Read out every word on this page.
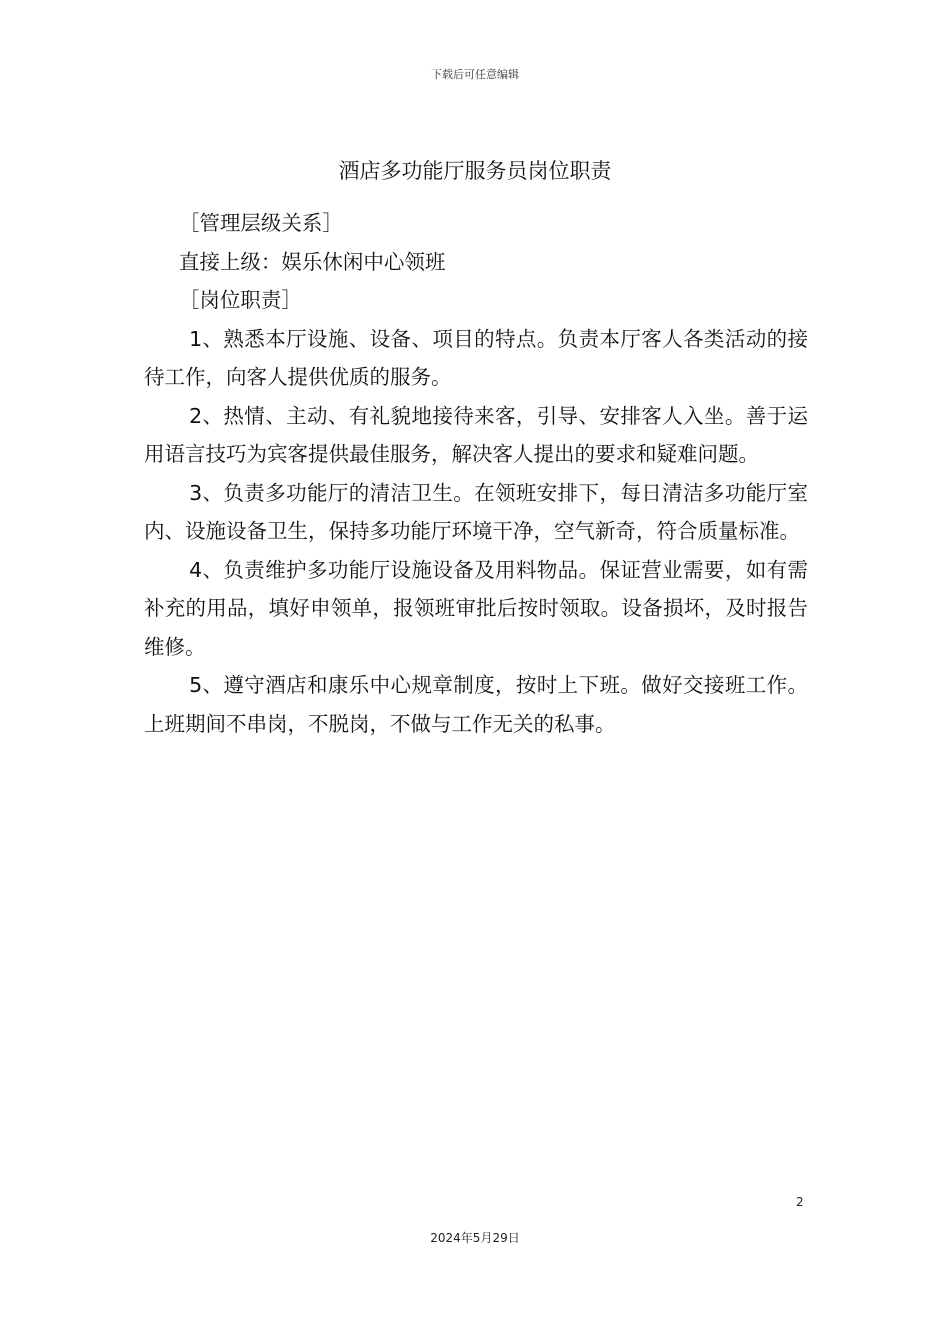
下载后可任意编辑
酒店多功能厅服务员岗位职责

［管理层级关系］

直接上级：娱乐休闲中心领班

［岗位职责］

1、熟悉本厅设施、设备、项目的特点。负责本厅客人各类活动的接待工作，向客人提供优质的服务。

2、热情、主动、有礼貌地接待来客，引导、安排客人入坐。善于运用语言技巧为宾客提供最佳服务，解决客人提出的要求和疑难问题。

3、负责多功能厅的清洁卫生。在领班安排下，每日清洁多功能厅室内、设施设备卫生，保持多功能厅环境干净，空气新奇，符合质量标准。

4、负责维护多功能厅设施设备及用料物品。保证营业需要，如有需补充的用品，填好申领单，报领班审批后按时领取。设备损坏，及时报告维修。

5、遵守酒店和康乐中心规章制度，按时上下班。做好交接班工作。上班期间不串岗，不脱岗，不做与工作无关的私事。

2
2024年5月29日
